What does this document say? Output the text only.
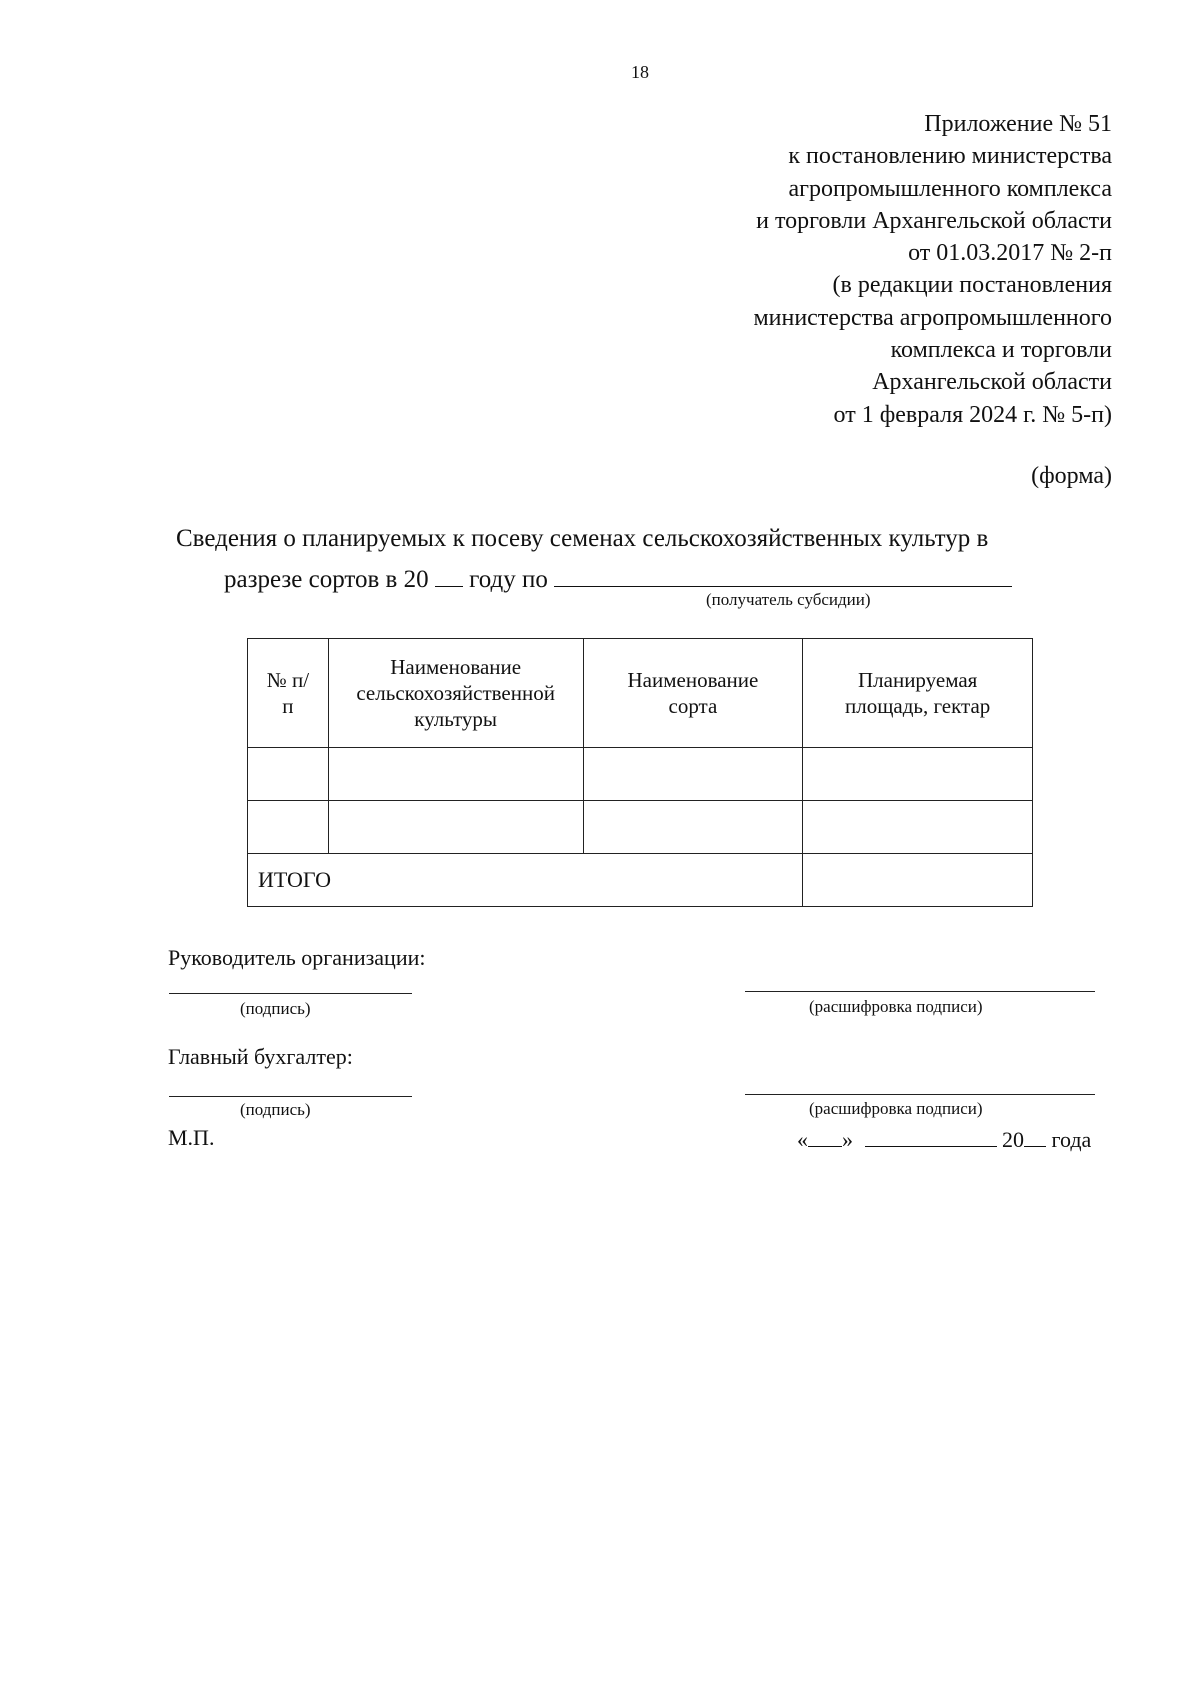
18
Приложение № 51
к постановлению министерства
агропромышленного комплекса
и торговли Архангельской области
от 01.03.2017 № 2-п
(в редакции постановления
министерства агропромышленного
комплекса и торговли
Архангельской области
от 1 февраля 2024 г. № 5-п)
(форма)
Сведения о планируемых к посеву семенах сельскохозяйственных культур в
разрезе сортов в 20 году по
(получатель субсидии)
№ п/п	Наименование сельскохозяйственной культуры	Наименование сорта	Планируемая площадь, гектар

ИТОГО			
Руководитель организации:
(подпись)	(расшифровка подписи)
Главный бухгалтер:
(подпись)	(расшифровка подписи)
М.П.	« »	20 года
